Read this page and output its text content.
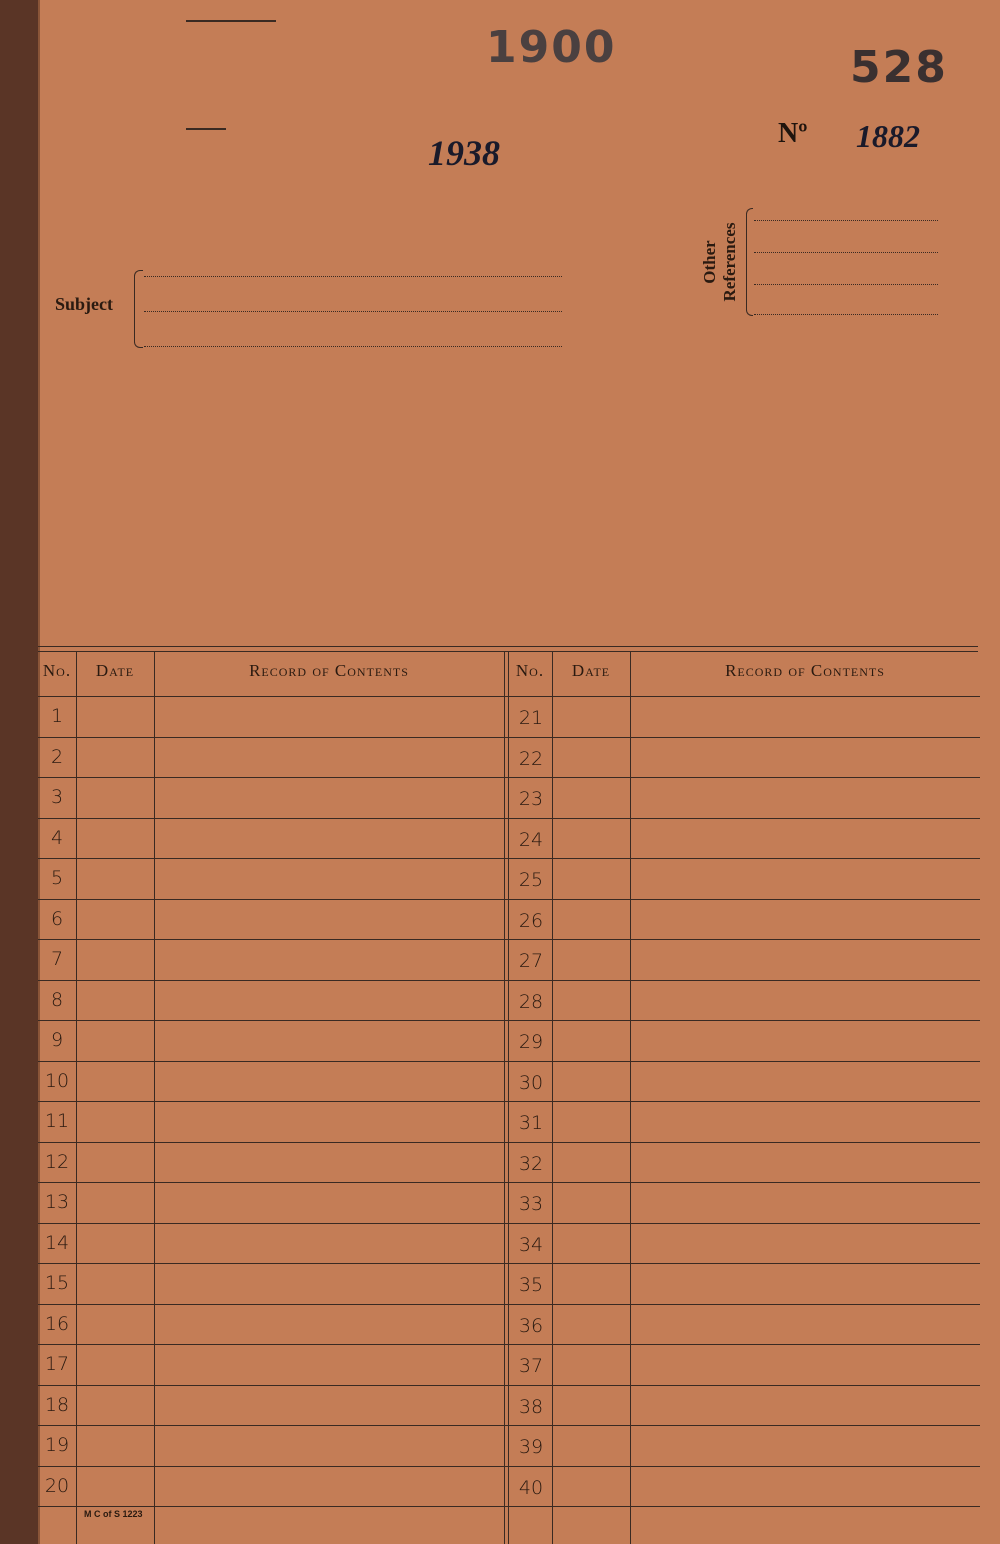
1900	528
1938	Nº 1882
Subject
Other References
No.	Date	Record of Contents	No.	Date	Record of Contents
1	21
2	22
3	23
4	24
5	25
6	26
7	27
8	28
9	29
10	30
11	31
12	32
13	33
14	34
15	35
16	36
17	37
18	38
19	39
20	40
M C of S 1223
